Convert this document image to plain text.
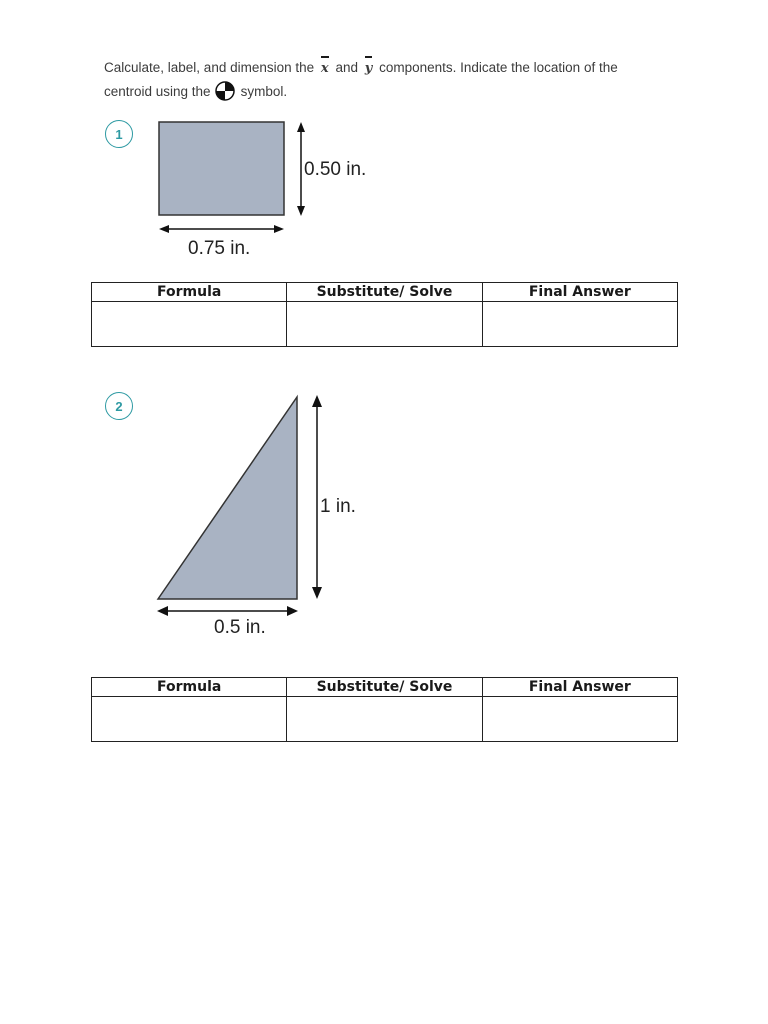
Calculate, label, and dimension the x and y components. Indicate the location of the
centroid using the symbol.
1
0.50 in.
0.75 in.
Formula	Substitute/ Solve	Final Answer

2
1 in.
0.5 in.
Formula	Substitute/ Solve	Final Answer
